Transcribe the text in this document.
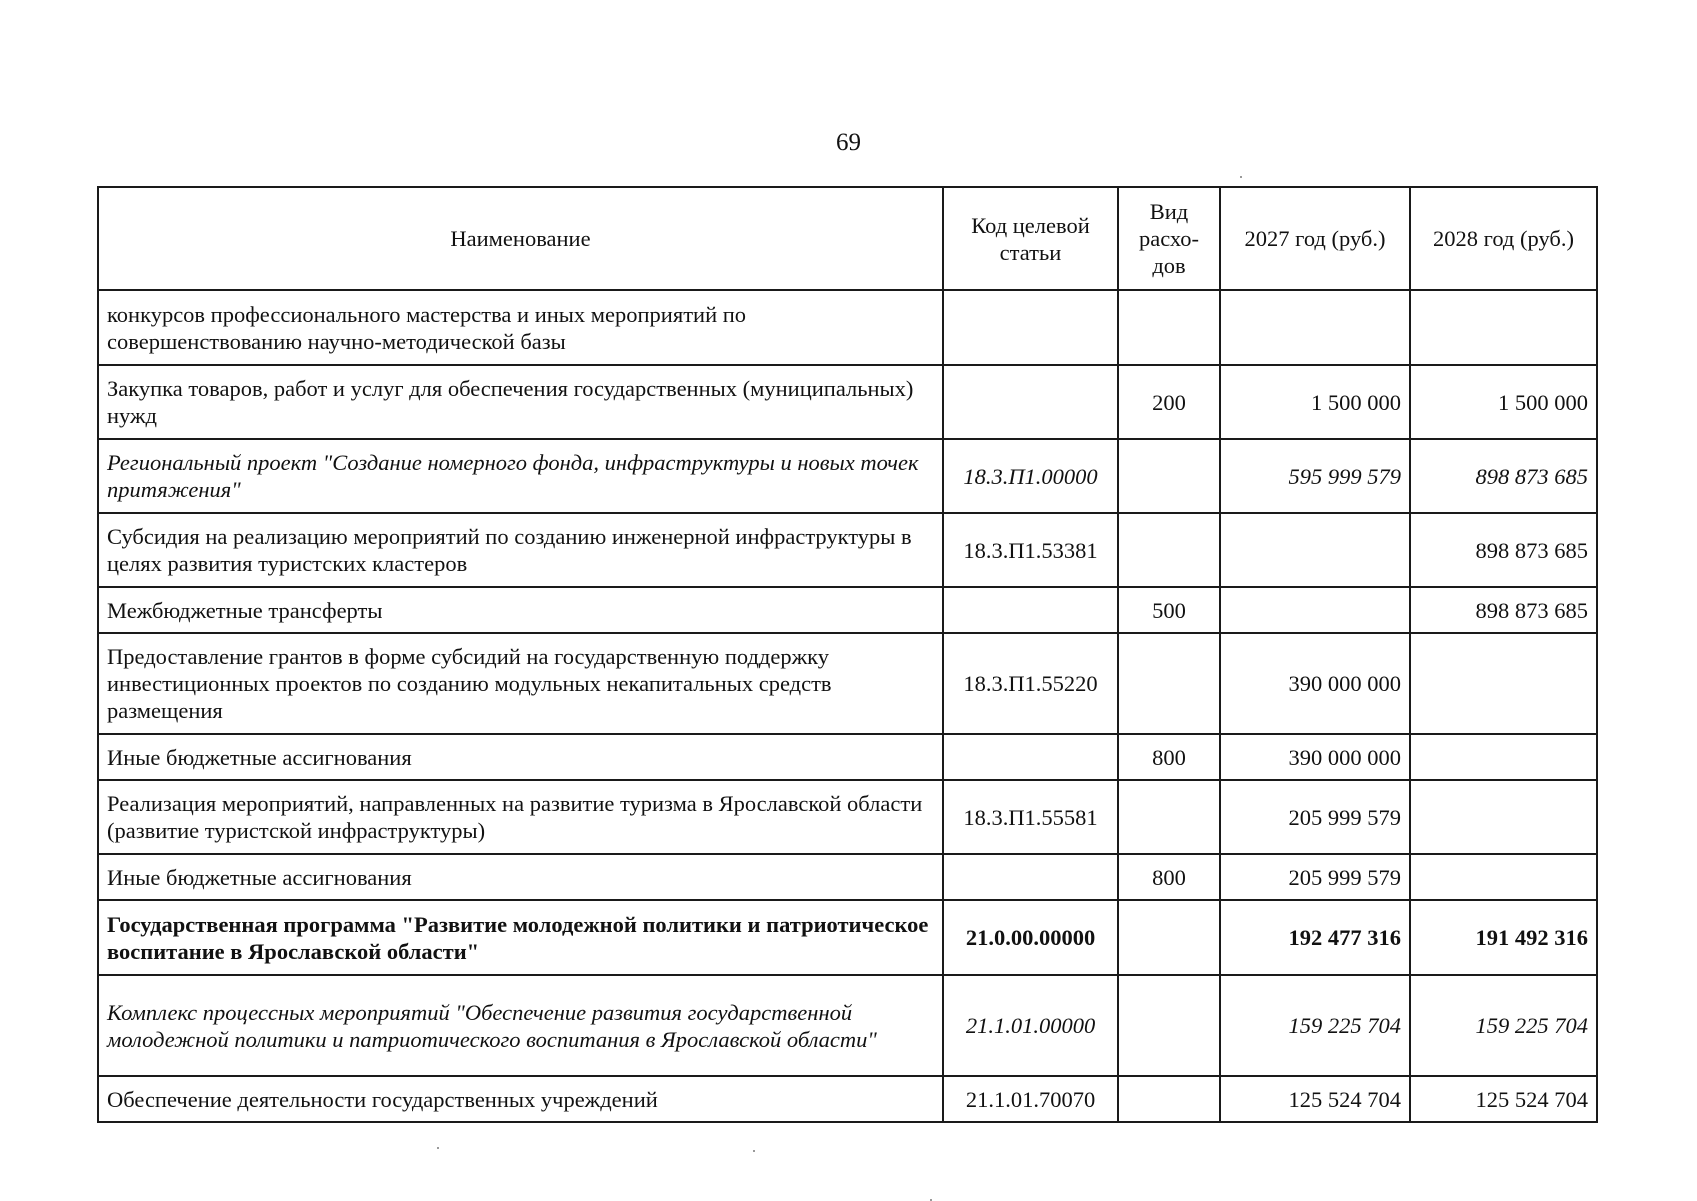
69
Наименование	Код целевой статьи	Вид расхо-дов	2027 год (руб.)	2028 год (руб.)
конкурсов профессионального мастерства и иных мероприятий по совершенствованию научно-методической базы				
Закупка товаров, работ и услуг для обеспечения государственных (муниципальных) нужд		200	1 500 000	1 500 000
Региональный проект "Создание номерного фонда, инфраструктуры и новых точек притяжения"	18.3.П1.00000		595 999 579	898 873 685
Субсидия на реализацию мероприятий по созданию инженерной инфраструктуры в целях развития туристских кластеров	18.3.П1.53381			898 873 685
Межбюджетные трансферты		500		898 873 685
Предоставление грантов в форме субсидий на государственную поддержку инвестиционных проектов по созданию модульных некапитальных средств размещения	18.3.П1.55220		390 000 000	
Иные бюджетные ассигнования		800	390 000 000	
Реализация мероприятий, направленных на развитие туризма в Ярославской области (развитие туристской инфраструктуры)	18.3.П1.55581		205 999 579	
Иные бюджетные ассигнования		800	205 999 579	
Государственная программа "Развитие молодежной политики и патриотическое воспитание в Ярославской области"	21.0.00.00000		192 477 316	191 492 316
Комплекс процессных мероприятий "Обеспечение развития государственной молодежной политики и патриотического воспитания в Ярославской области"	21.1.01.00000		159 225 704	159 225 704
Обеспечение деятельности государственных учреждений	21.1.01.70070		125 524 704	125 524 704
